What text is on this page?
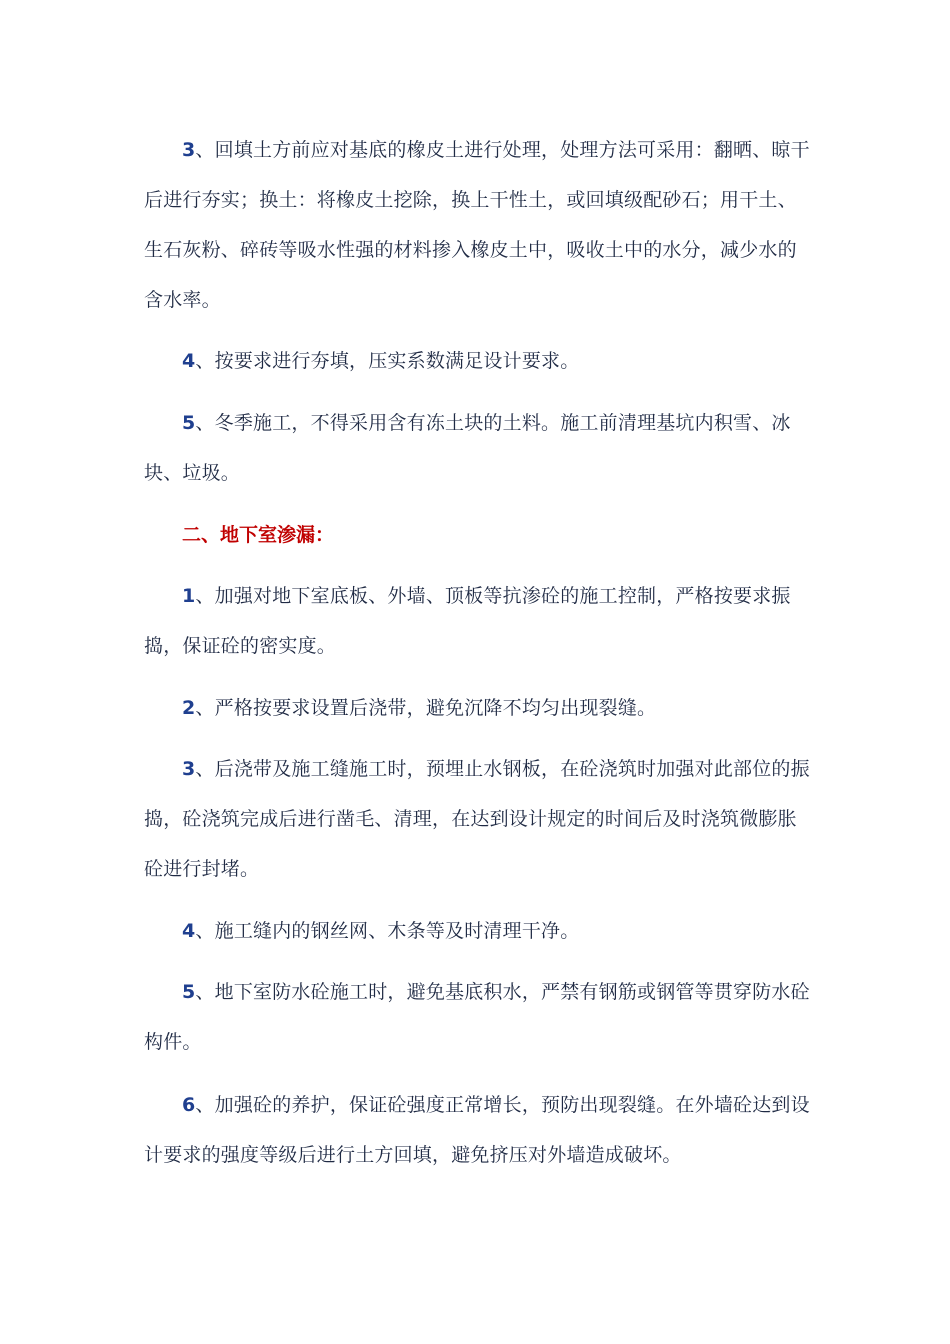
3、回填土方前应对基底的橡皮土进行处理，处理方法可采用：翻晒、晾干后进行夯实；换土：将橡皮土挖除，换上干性土，或回填级配砂石；用干土、生石灰粉、碎砖等吸水性强的材料掺入橡皮土中，吸收土中的水分，减少水的含水率。

4、按要求进行夯填，压实系数满足设计要求。

5、冬季施工，不得采用含有冻土块的土料。施工前清理基坑内积雪、冰块、垃圾。

二、地下室渗漏：

1、加强对地下室底板、外墙、顶板等抗渗砼的施工控制，严格按要求振捣，保证砼的密实度。

2、严格按要求设置后浇带，避免沉降不均匀出现裂缝。

3、后浇带及施工缝施工时，预埋止水钢板，在砼浇筑时加强对此部位的振捣，砼浇筑完成后进行凿毛、清理，在达到设计规定的时间后及时浇筑微膨胀砼进行封堵。

4、施工缝内的钢丝网、木条等及时清理干净。

5、地下室防水砼施工时，避免基底积水，严禁有钢筋或钢管等贯穿防水砼构件。

6、加强砼的养护，保证砼强度正常增长，预防出现裂缝。在外墙砼达到设计要求的强度等级后进行土方回填，避免挤压对外墙造成破坏。
